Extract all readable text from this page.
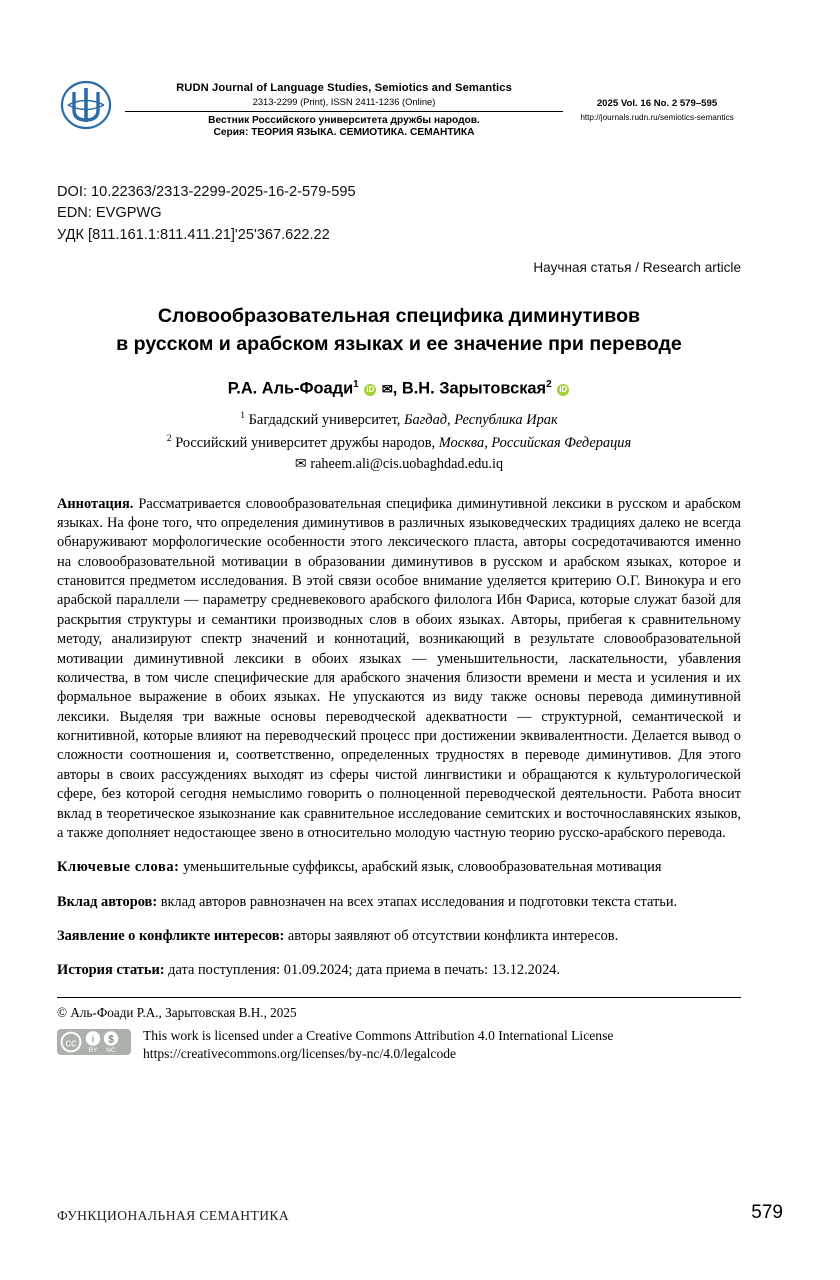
RUDN Journal of Language Studies, Semiotics and Semantics
2313-2299 (Print), ISSN 2411-1236 (Online)
Вестник Российского университета дружбы народов.
Серия: ТЕОРИЯ ЯЗЫКА. СЕМИОТИКА. СЕМАНТИКА
2025 Vol. 16 No. 2 579–595
http://journals.rudn.ru/semiotics-semantics
DOI: 10.22363/2313-2299-2025-16-2-579-595
EDN: EVGPWG
УДК [811.161.1:811.411.21]'25'367.622.22
Научная статья / Research article
Словообразовательная специфика диминутивов
в русском и арабском языках и ее значение при переводе
Р.А. Аль-Фоади$^1$ iD ✉, В.Н. Зарытовская$^2$ iD
$^1$ Багдадский университет, Багдад, Республика Ирак
$^2$ Российский университет дружбы народов, Москва, Российская Федерация
✉ raheem.ali@cis.uobaghdad.edu.iq
Аннотация. Рассматривается словообразовательная специфика диминутивной лексики в русском и арабском языках. На фоне того, что определения диминутивов в различных языковедческих традициях далеко не всегда обнаруживают морфологические особенности этого лексического пласта, авторы сосредотачиваются именно на словообразовательной мотивации в образовании диминутивов в русском и арабском языках, которое и становится предметом исследования. В этой связи особое внимание уделяется критерию О.Г. Винокура и его арабской параллели — параметру средневекового арабского филолога Ибн Фариса, которые служат базой для раскрытия структуры и семантики производных слов в обоих языках. Авторы, прибегая к сравнительному методу, анализируют спектр значений и коннотаций, возникающий в результате словообразовательной мотивации диминутивной лексики в обоих языках — уменьшительности, ласкательности, убавления количества, в том числе специфические для арабского значения близости времени и места и усиления и их формальное выражение в обоих языках. Не упускаются из виду также основы перевода диминутивной лексики. Выделяя три важные основы переводческой адекватности — структурной, семантической и когнитивной, которые влияют на переводческий процесс при достижении эквивалентности. Делается вывод о сложности соотношения и, соответственно, определенных трудностях в переводе диминутивов. Для этого авторы в своих рассуждениях выходят из сферы чистой лингвистики и обращаются к культурологической сфере, без которой сегодня немыслимо говорить о полноценной переводческой деятельности. Работа вносит вклад в теоретическое языкознание как сравнительное исследование семитских и восточнославянских языков, а также дополняет недостающее звено в относительно молодую частную теорию русско-арабского перевода.
Ключевые слова: уменьшительные суффиксы, арабский язык, словообразовательная мотивация
Вклад авторов: вклад авторов равнозначен на всех этапах исследования и подготовки текста статьи.
Заявление о конфликте интересов: авторы заявляют об отсутствии конфликта интересов.
История статьи: дата поступления: 01.09.2024; дата приема в печать: 13.12.2024.
© Аль-Фоади Р.А., Зарытовская В.Н., 2025
cc i $
BY NC
This work is licensed under a Creative Commons Attribution 4.0 International License
https://creativecommons.org/licenses/by-nc/4.0/legalcode
ФУНКЦИОНАЛЬНАЯ СЕМАНТИКА	579
